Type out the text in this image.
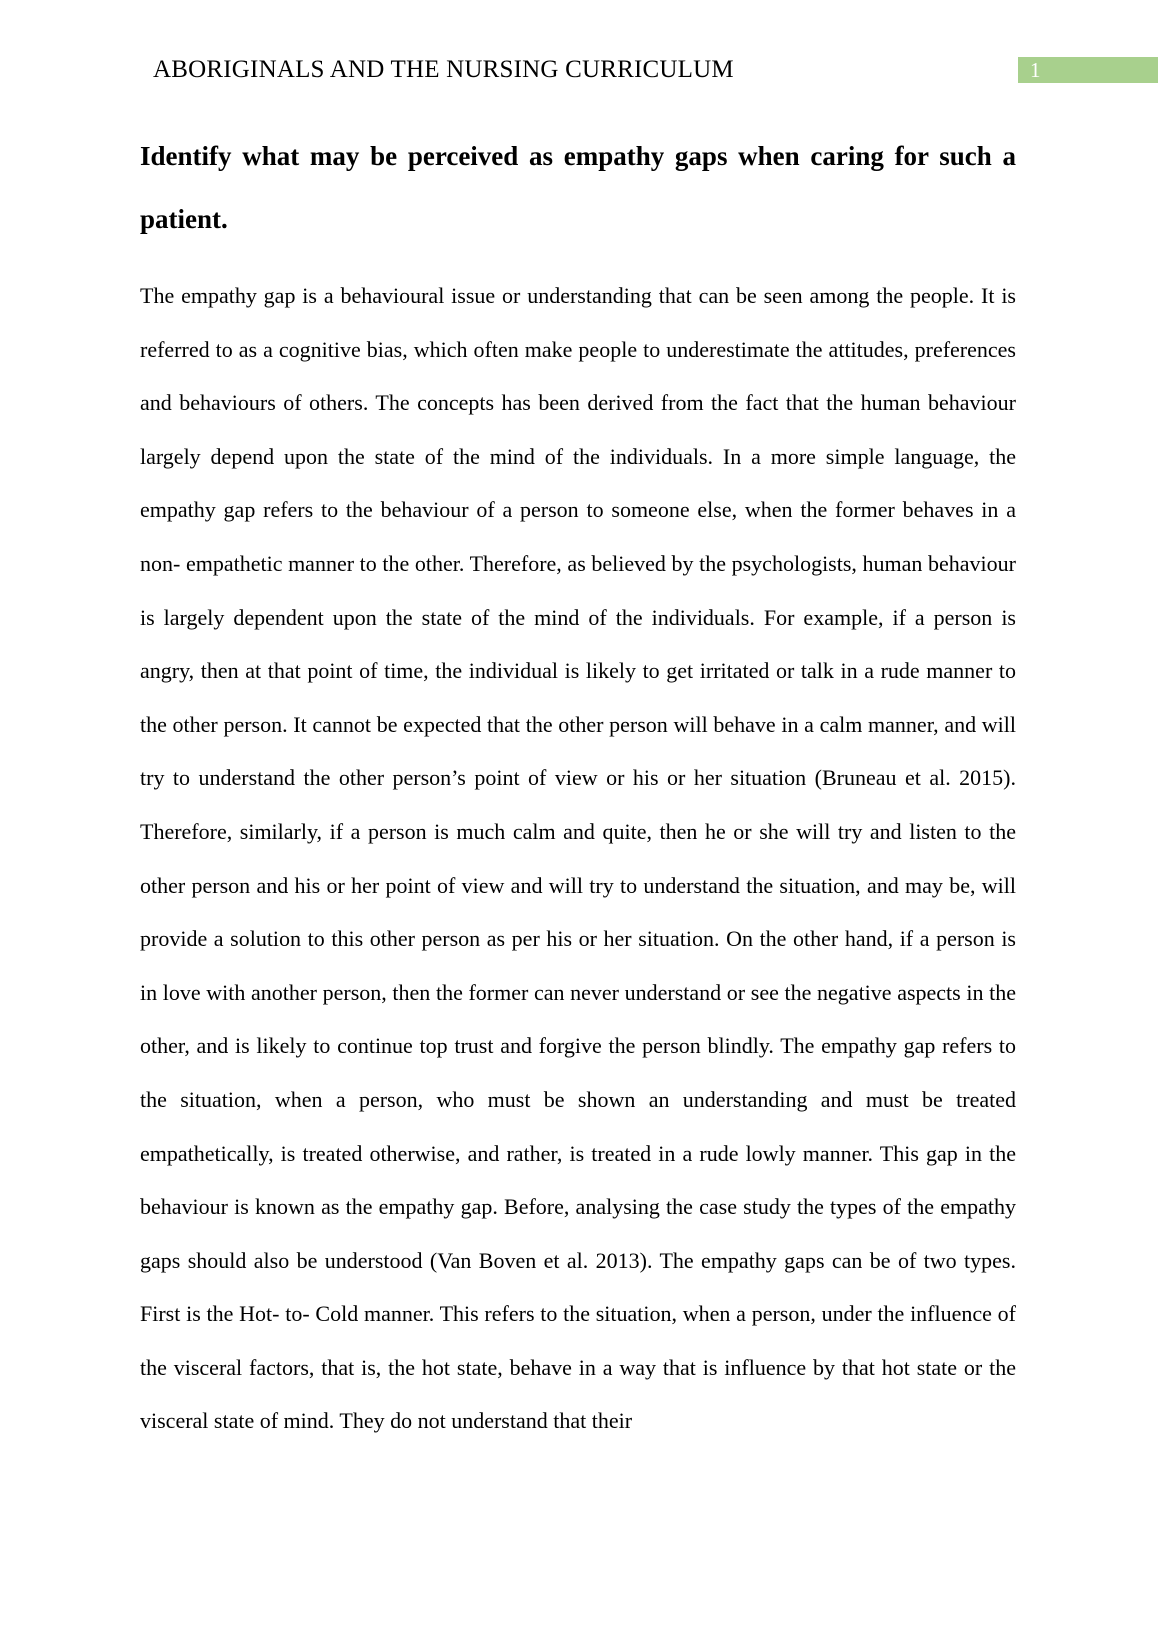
ABORIGINALS AND THE NURSING CURRICULUM	1
Identify what may be perceived as empathy gaps when caring for such a patient.

The empathy gap is a behavioural issue or understanding that can be seen among the people. It is referred to as a cognitive bias, which often make people to underestimate the attitudes, preferences and behaviours of others. The concepts has been derived from the fact that the human behaviour largely depend upon the state of the mind of the individuals. In a more simple language, the empathy gap refers to the behaviour of a person to someone else, when the former behaves in a non- empathetic manner to the other. Therefore, as believed by the psychologists, human behaviour is largely dependent upon the state of the mind of the individuals. For example, if a person is angry, then at that point of time, the individual is likely to get irritated or talk in a rude manner to the other person. It cannot be expected that the other person will behave in a calm manner, and will try to understand the other person’s point of view or his or her situation (Bruneau et al. 2015). Therefore, similarly, if a person is much calm and quite, then he or she will try and listen to the other person and his or her point of view and will try to understand the situation, and may be, will provide a solution to this other person as per his or her situation. On the other hand, if a person is in love with another person, then the former can never understand or see the negative aspects in the other, and is likely to continue top trust and forgive the person blindly. The empathy gap refers to the situation, when a person, who must be shown an understanding and must be treated empathetically, is treated otherwise, and rather, is treated in a rude lowly manner. This gap in the behaviour is known as the empathy gap. Before, analysing the case study the types of the empathy gaps should also be understood (Van Boven et al. 2013). The empathy gaps can be of two types. First is the Hot- to- Cold manner. This refers to the situation, when a person, under the influence of the visceral factors, that is, the hot state, behave in a way that is influence by that hot state or the visceral state of mind. They do not understand that their
